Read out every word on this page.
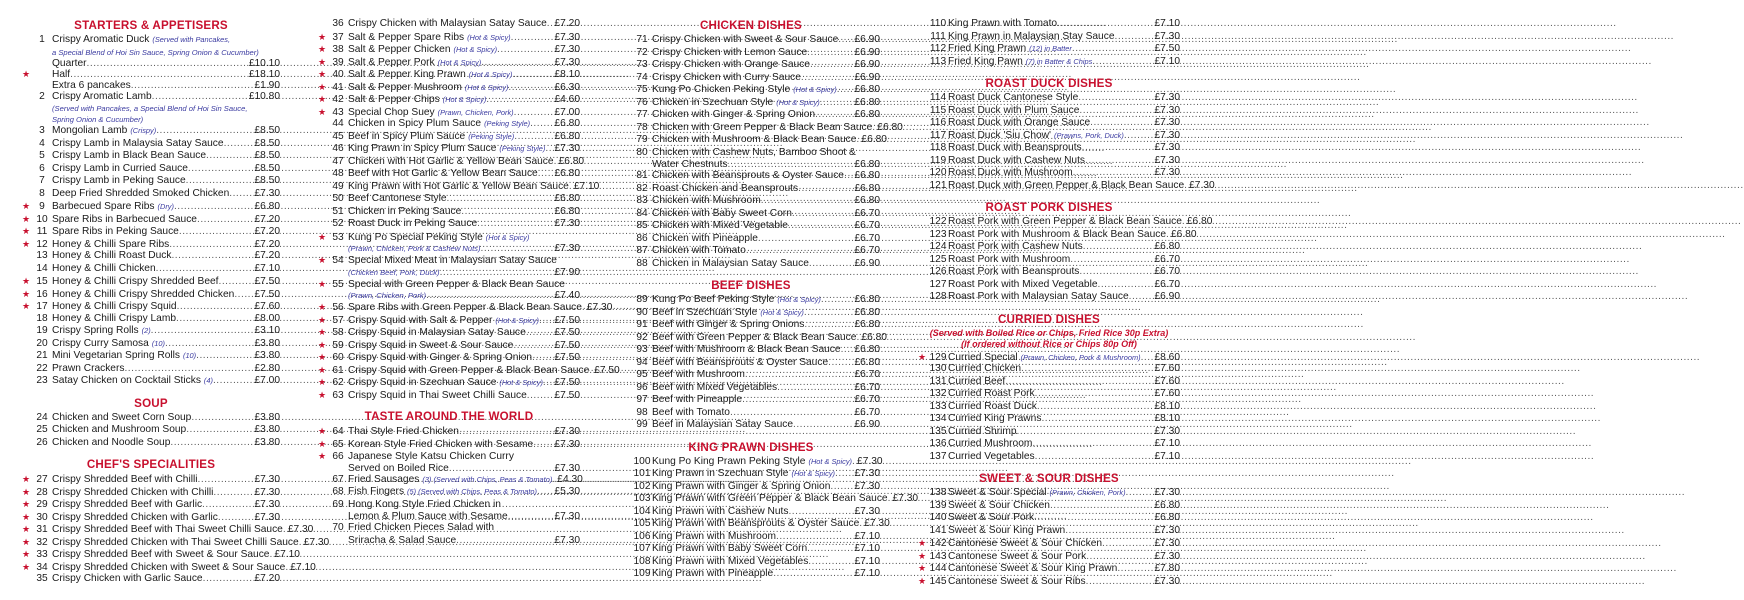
STARTERS & APPETISERS
1 Crispy Aromatic Duck (Served with Pancakes,
a Special Blend of Hoi Sin Sauce, Spring Onion & Cucumber)
Quarter .....	£10.10
★ Half .....	£18.10
Extra 6 pancakes .....	£1.90
2 Crispy Aromatic Lamb .....	£10.80
(Served with Pancakes, a Special Blend of Hoi Sin Sauce,
Spring Onion & Cucumber)
3 Mongolian Lamb (Crispy) .....	£8.50
4 Crispy Lamb in Malaysia Satay Sauce .....	£8.50
5 Crispy Lamb in Black Bean Sauce .....	£8.50
6 Crispy Lamb in Curried Sauce .....	£8.50
7 Crispy Lamb in Peking Sauce .....	£8.50
8 Deep Fried Shredded Smoked Chicken ..... £7.30
★ 9 Barbecued Spare Ribs (Dry) .....	£6.80
★ 10 Spare Ribs in Barbecued Sauce .....	£7.20
★ 11 Spare Ribs in Peking Sauce .....	£7.20
★ 12 Honey & Chilli Spare Ribs .....	£7.20
13 Honey & Chilli Roast Duck .....	£7.20
14 Honey & Chilli Chicken .....	£7.10
★ 15 Honey & Chilli Crispy Shredded Beef .....	£7.50
★ 16 Honey & Chilli Crispy Shredded Chicken ..... £7.50
★ 17 Honey & Chilli Crispy Squid .....	£7.60
18 Honey & Chilli Crispy Lamb .....	£8.00
19 Crispy Spring Rolls (2) .....	£3.10
20 Crispy Curry Samosa (10) .....	£3.80
21 Mini Vegetarian Spring Rolls (10) .....	£3.80
22 Prawn Crackers .....	£2.80
23 Satay Chicken on Cocktail Sticks (4) .....	£7.00
SOUP
24 Chicken and Sweet Corn Soup .....	£3.80
25 Chicken and Mushroom Soup .....	£3.80
26 Chicken and Noodle Soup .....	£3.80
CHEF'S SPECIALITIES
★ 27 Crispy Shredded Beef with Chilli .....	£7.30
★ 28 Crispy Shredded Chicken with Chilli .....	£7.30
★ 29 Crispy Shredded Beef with Garlic .....	£7.30
★ 30 Crispy Shredded Chicken with Garlic .....	£7.30
★ 31 Crispy Shredded Beef with Thai Sweet Chilli Sauce ..... £7.30
★ 32 Crispy Shredded Chicken with Thai Sweet Chilli Sauce ..... £7.30
★ 33 Crispy Shredded Beef with Sweet & Sour Sauce ..... £7.10
★ 34 Crispy Shredded Chicken with Sweet & Sour Sauce ..... £7.10
35 Crispy Chicken with Garlic Sauce .....	£7.20
36 Crispy Chicken with Malaysian Satay Sauce ..... £7.20
★ 37 Salt & Pepper Spare Ribs (Hot & Spicy) .....	£7.30
★ 38 Salt & Pepper Chicken (Hot & Spicy) .....	£7.30
★ 39 Salt & Pepper Pork (Hot & Spicy) .....	£7.30
★ 40 Salt & Pepper King Prawn (Hot & Spicy) .....	£8.10
★ 41 Salt & Pepper Mushroom (Hot & Spicy) .....	£6.30
★ 42 Salt & Pepper Chips (Hot & Spicy) .....	£4.60
★ 43 Special Chop Suey (Prawn, Chicken, Pork) .....	£7.00
44 Chicken in Spicy Plum Sauce (Peking Style) ..... £6.80
45 Beef in Spicy Plum Sauce (Peking Style) .....	£6.80
46 King Prawn in Spicy Plum Sauce (Peking Style) ..... £7.30
47 Chicken with Hot Garlic & Yellow Bean Sauce ..... £6.80
48 Beef with Hot Garlic & Yellow Bean Sauce ..... £6.80
49 King Prawn with Hot Garlic & Yellow Bean Sauce ..... £7.10
50 Beef Cantonese Style .....	£6.80
51 Chicken in Peking Sauce .....	£6.80
52 Roast Duck in Peking Sauce .....	£7.30
★ 53 Kung Po Special Peking Style (Hot & Spicy)
(Prawn, Chicken, Pork & Cashew Nuts) .....	£7.30
★ 54 Special Mixed Meat in Malaysian Satay Sauce
(Chicken Beef, Pork, Duck) .....	£7.90
★ 55 Special with Green Pepper & Black Bean Sauce
(Prawn, Chicken, Pork) .....	£7.40
★ 56 Spare Ribs with Green Pepper & Black Bean Sauce ..... £7.30
★ 57 Crispy Squid with Salt & Pepper (Hot & Spicy) ..... £7.50
★ 58 Crispy Squid in Malaysian Satay Sauce .....	£7.50
★ 59 Crispy Squid in Sweet & Sour Sauce .....	£7.50
★ 60 Crispy Squid with Ginger & Spring Onion ..... £7.50
★ 61 Crispy Squid with Green Pepper & Black Bean Sauce ..... £7.50
★ 62 Crispy Squid in Szechuan Sauce (Hot & Spicy) ..... £7.50
★ 63 Crispy Squid in Thai Sweet Chilli Sauce .....	£7.50
TASTE AROUND THE WORLD
★ 64 Thai Style Fried Chicken .....	£7.30
★ 65 Korean Style Fried Chicken with Sesame ..... £7.30
★ 66 Japanese Style Katsu Chicken Curry
Served on Boiled Rice .....	£7.30
67 Fried Sausages (3) (Served with Chips, Peas & Tomato) ..... £4.30
68 Fish Fingers (5) (Served with Chips, Peas & Tomato) ..... £5.30
69 Hong Kong Style Fried Chicken in
Lemon & Plum Sauce with Sesame .....	£7.30
70 Fried Chicken Pieces Salad with
Sriracha & Salad Sauce .....	£7.30
CHICKEN DISHES
71 Crispy Chicken with Sweet & Sour Sauce ..... £6.90
72 Crispy Chicken with Lemon Sauce .....	£6.90
73 Crispy Chicken with Orange Sauce .....	£6.90
74 Crispy Chicken with Curry Sauce .....	£6.90
75 Kung Po Chicken Peking Style (Hot & Spicy) ..... £6.80
76 Chicken in Szechuan Style (Hot & Spicy) .....	£6.80
77 Chicken with Ginger & Spring Onion .....	£6.80
78 Chicken with Green Pepper & Black Bean Sauce ..... £6.80
79 Chicken with Mushroom & Black Bean Sauce ..... £6.80
80 Chicken with Cashew Nuts, Bamboo Shoot &
Water Chestnuts .....	£6.80
81 Chicken with Beansprouts & Oyster Sauce ..... £6.80
82 Roast Chicken and Beansprouts .....	£6.80
83 Chicken with Mushroom .....	£6.80
84 Chicken with Baby Sweet Corn .....	£6.70
85 Chicken with Mixed Vegetable .....	£6.70
86 Chicken with Pineapple .....	£6.70
87 Chicken with Tomato .....	£6.70
88 Chicken in Malaysian Satay Sauce .....	£6.90
BEEF DISHES
89 Kung Po Beef Peking Style (Hot & Spicy) .....	£6.80
90 Beef in Szechuan Style (Hot & Spicy) .....	£6.80
91 Beef with Ginger & Spring Onions .....	£6.80
92 Beef with Green Pepper & Black Bean Sauce ..... £6.80
93 Beef with Mushroom & Black Bean Sauce ..... £6.80
94 Beef with Beansprouts & Oyster Sauce .....	£6.80
95 Beef with Mushroom .....	£6.70
96 Beef with Mixed Vegetables .....	£6.70
97 Beef with Pineapple .....	£6.70
98 Beef with Tomato .....	£6.70
99 Beef in Malaysian Satay Sauce .....	£6.90
KING PRAWN DISHES
100 Kung Po King Prawn Peking Style (Hot & Spicy) ..... £7.30
101 King Prawn in Szechuan Style (Hot & Spicy) ..... £7.30
102 King Prawn with Ginger & Spring Onion ..... £7.30
103 King Prawn with Green Pepper & Black Bean Sauce ..... £7.30
104 King Prawn with Cashew Nuts .....	£7.30
105 King Prawn with Beansprouts & Oyster Sauce ..... £7.30
106 King Prawn with Mushroom .....	£7.10
107 King Prawn with Baby Sweet Corn .....	£7.10
108 King Prawn with Mixed Vegetables .....	£7.10
109 King Prawn with Pineapple .....	£7.10
110 King Prawn with Tomato .....	£7.10
111 King Prawn in Malaysian Stay Sauce .....	£7.30
112 Fried King Prawn (12) in Batter .....	£7.50
113 Fried King Pawn (7) in Batter & Chips .....	£7.10
ROAST DUCK DISHES
114 Roast Duck Cantonese Style .....	£7.30
115 Roast Duck with Plum Sauce .....	£7.30
116 Roast Duck with Orange Sauce .....	£7.30
117 Roast Duck 'Siu Chow' (Prawns, Pork, Duck) .....	£7.30
118 Roast Duck with Beansprouts .....	£7.30
119 Roast Duck with Cashew Nuts .....	£7.30
120 Roast Duck with Mushroom .....	£7.30
121 Roast Duck with Green Pepper & Black Bean Sauce ..... £7.30
ROAST PORK DISHES
122 Roast Pork with Green Pepper & Black Bean Sauce ..... £6.80
123 Roast Pork with Mushroom & Black Bean Sauce ..... £6.80
124 Roast Pork with Cashew Nuts .....	£6.80
125 Roast Pork with Mushroom .....	£6.70
126 Roast Pork with Beansprouts .....	£6.70
127 Roast Pork with Mixed Vegetable .....	£6.70
128 Roast Pork with Malaysian Satay Sauce .....	£6.90
CURRIED DISHES
(Served with Boiled Rice or Chips, Fried Rice 30p Extra)
(If ordered without Rice or Chips 80p Off)
★ 129 Curried Special (Prawn, Chicken, Pork & Mushroom) ..... £8.60
130 Curried Chicken .....	£7.60
131 Curried Beef .....	£7.60
132 Curried Roast Pork .....	£7.60
133 Curried Roast Duck .....	£8.10
134 Curried King Prawns .....	£8.10
135 Curried Shrimp .....	£7.30
136 Curried Mushroom .....	£7.10
137 Curried Vegetables .....	£7.10
SWEET & SOUR DISHES
138 Sweet & Sour Special (Prawn, Chicken, Pork) .....	£7.30
139 Sweet & Sour Chicken .....	£6.80
140 Sweet & Sour Pork .....	£6.80
141 Sweet & Sour King Prawn .....	£7.30
★ 142 Cantonese Sweet & Sour Chicken .....	£7.30
★ 143 Cantonese Sweet & Sour Pork .....	£7.30
★ 144 Cantonese Sweet & Sour King Prawn .....	£7.80
★ 145 Cantonese Sweet & Sour Ribs .....	£7.30
